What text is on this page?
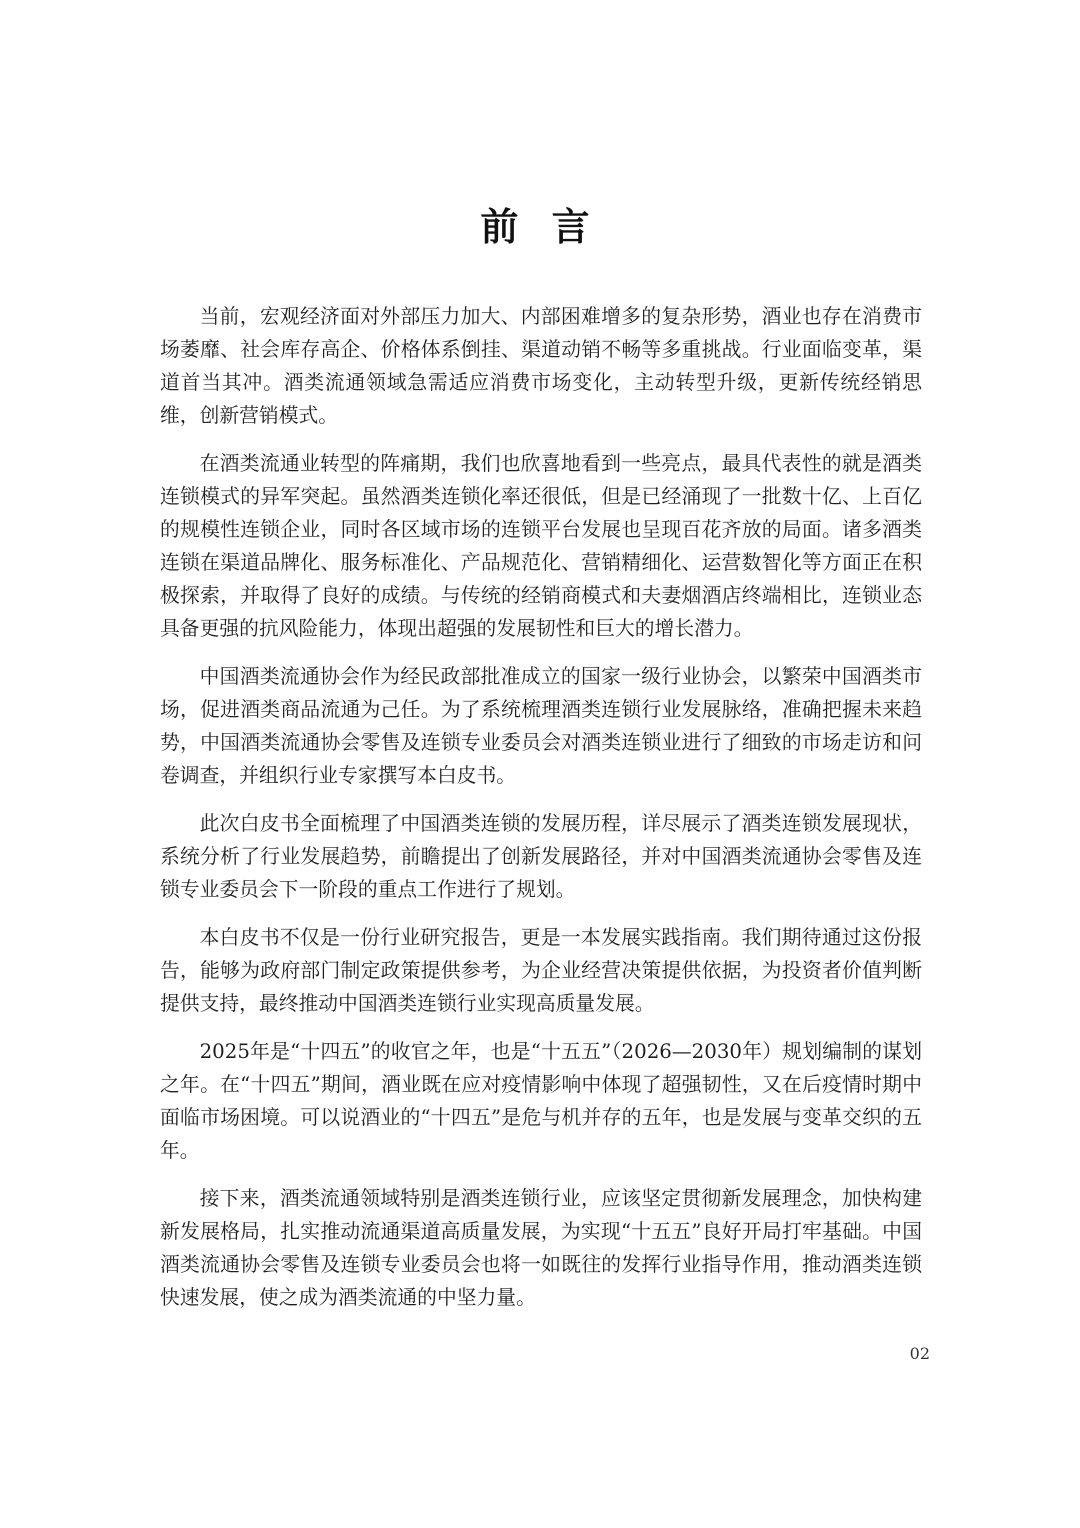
前 言

当前，宏观经济面对外部压力加大、内部困难增多的复杂形势，酒业也存在消费市场萎靡、社会库存高企、价格体系倒挂、渠道动销不畅等多重挑战。行业面临变革，渠道首当其冲。酒类流通领域急需适应消费市场变化，主动转型升级，更新传统经销思维，创新营销模式。

在酒类流通业转型的阵痛期，我们也欣喜地看到一些亮点，最具代表性的就是酒类连锁模式的异军突起。虽然酒类连锁化率还很低，但是已经涌现了一批数十亿、上百亿的规模性连锁企业，同时各区域市场的连锁平台发展也呈现百花齐放的局面。诸多酒类连锁在渠道品牌化、服务标准化、产品规范化、营销精细化、运营数智化等方面正在积极探索，并取得了良好的成绩。与传统的经销商模式和夫妻烟酒店终端相比，连锁业态具备更强的抗风险能力，体现出超强的发展韧性和巨大的增长潜力。

中国酒类流通协会作为经民政部批准成立的国家一级行业协会，以繁荣中国酒类市场，促进酒类商品流通为己任。为了系统梳理酒类连锁行业发展脉络，准确把握未来趋势，中国酒类流通协会零售及连锁专业委员会对酒类连锁业进行了细致的市场走访和问卷调查，并组织行业专家撰写本白皮书。

此次白皮书全面梳理了中国酒类连锁的发展历程，详尽展示了酒类连锁发展现状，系统分析了行业发展趋势，前瞻提出了创新发展路径，并对中国酒类流通协会零售及连锁专业委员会下一阶段的重点工作进行了规划。

本白皮书不仅是一份行业研究报告，更是一本发展实践指南。我们期待通过这份报告，能够为政府部门制定政策提供参考，为企业经营决策提供依据，为投资者价值判断提供支持，最终推动中国酒类连锁行业实现高质量发展。

2025年是“十四五”的收官之年，也是“十五五”（2026—2030年）规划编制的谋划之年。在“十四五”期间，酒业既在应对疫情影响中体现了超强韧性，又在后疫情时期中面临市场困境。可以说酒业的“十四五”是危与机并存的五年，也是发展与变革交织的五年。

接下来，酒类流通领域特别是酒类连锁行业，应该坚定贯彻新发展理念，加快构建新发展格局，扎实推动流通渠道高质量发展，为实现“十五五”良好开局打牢基础。中国酒类流通协会零售及连锁专业委员会也将一如既往的发挥行业指导作用，推动酒类连锁快速发展，使之成为酒类流通的中坚力量。

02
